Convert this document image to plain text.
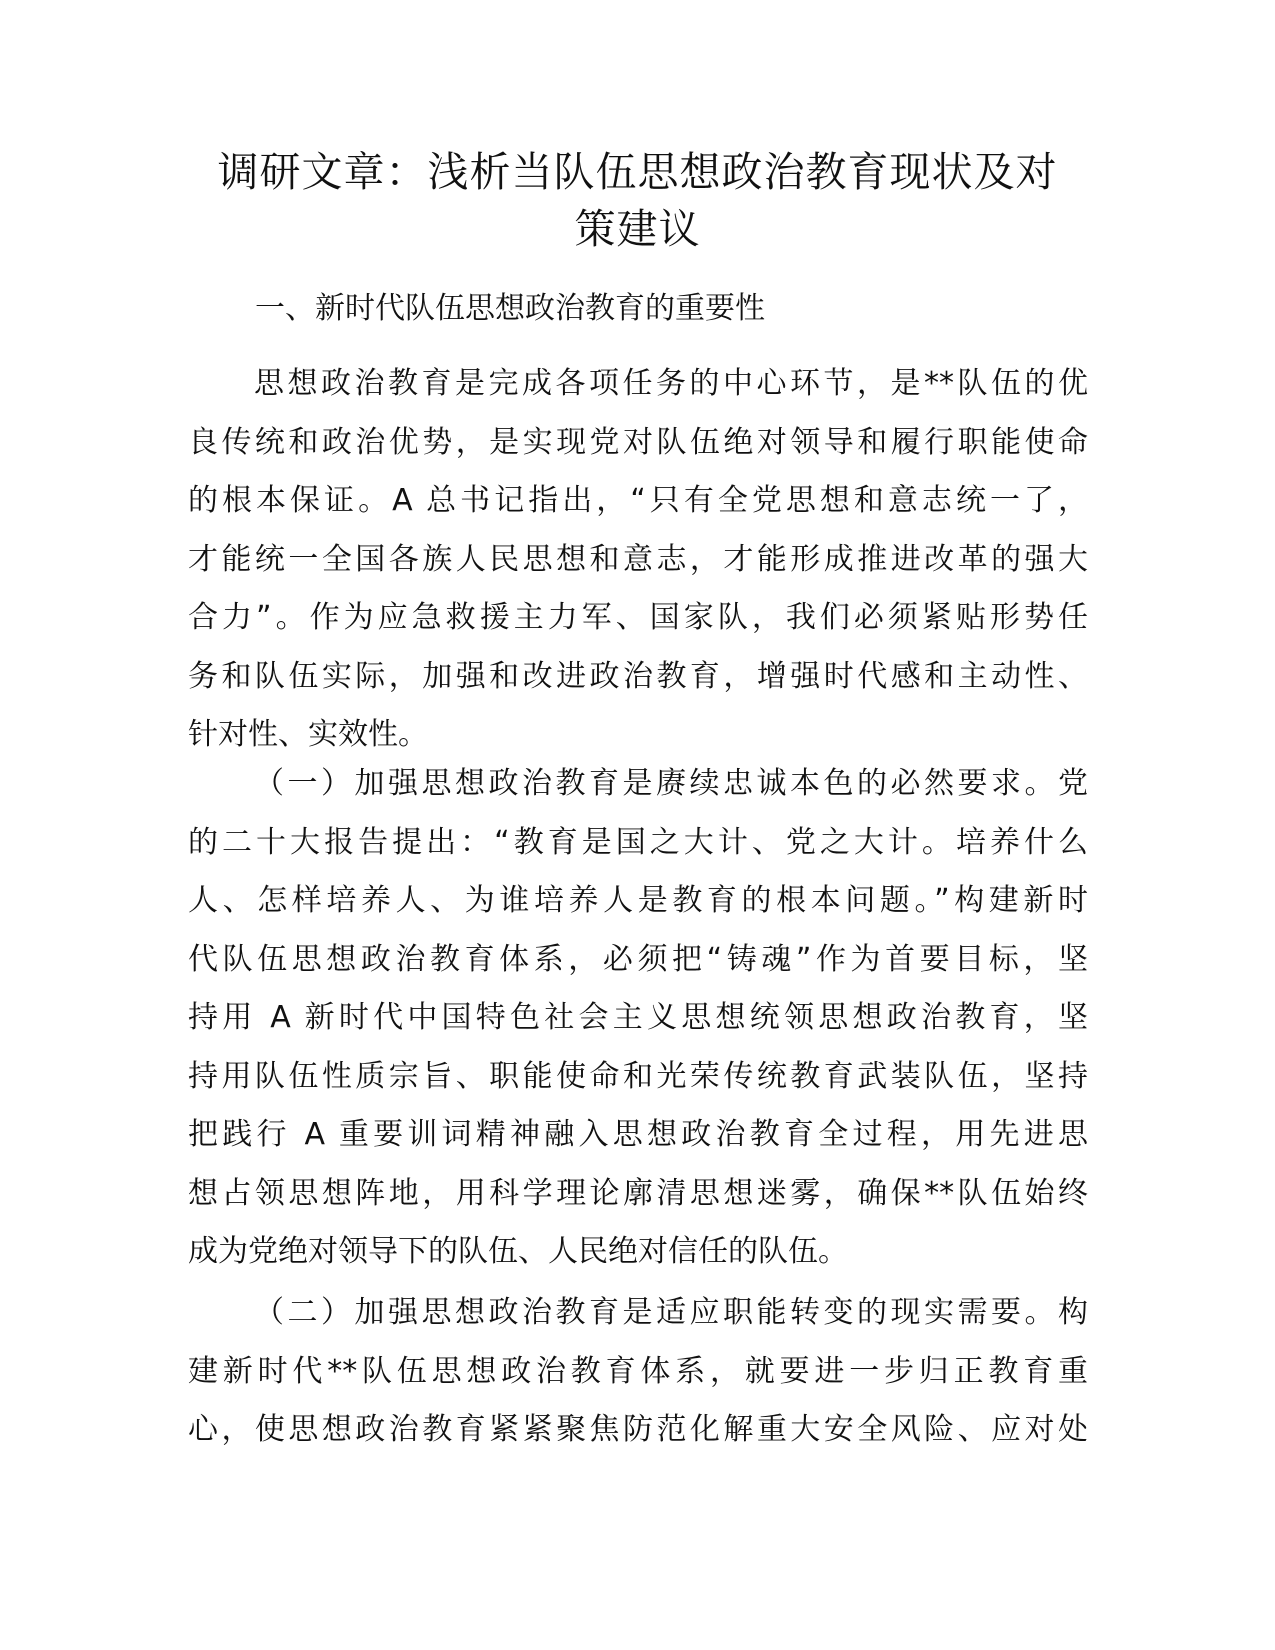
调研文章：浅析当队伍思想政治教育现状及对
策建议
一、新时代队伍思想政治教育的重要性
思想政治教育是完成各项任务的中心环节，是**队伍的优
良传统和政治优势，是实现党对队伍绝对领导和履行职能使命
的根本保证。A 总书记指出，“只有全党思想和意志统一了，
才能统一全国各族人民思想和意志，才能形成推进改革的强大
合力”。作为应急救援主力军、国家队，我们必须紧贴形势任
务和队伍实际，加强和改进政治教育，增强时代感和主动性、
针对性、实效性。
（一）加强思想政治教育是赓续忠诚本色的必然要求。党
的二十大报告提出：“教育是国之大计、党之大计。培养什么
人、怎样培养人、为谁培养人是教育的根本问题。”构建新时
代队伍思想政治教育体系，必须把“铸魂”作为首要目标，坚
持用 A 新时代中国特色社会主义思想统领思想政治教育，坚
持用队伍性质宗旨、职能使命和光荣传统教育武装队伍，坚持
把践行 A 重要训词精神融入思想政治教育全过程，用先进思
想占领思想阵地，用科学理论廓清思想迷雾，确保**队伍始终
成为党绝对领导下的队伍、人民绝对信任的队伍。
（二）加强思想政治教育是适应职能转变的现实需要。构
建新时代**队伍思想政治教育体系，就要进一步归正教育重
心，使思想政治教育紧紧聚焦防范化解重大安全风险、应对处
